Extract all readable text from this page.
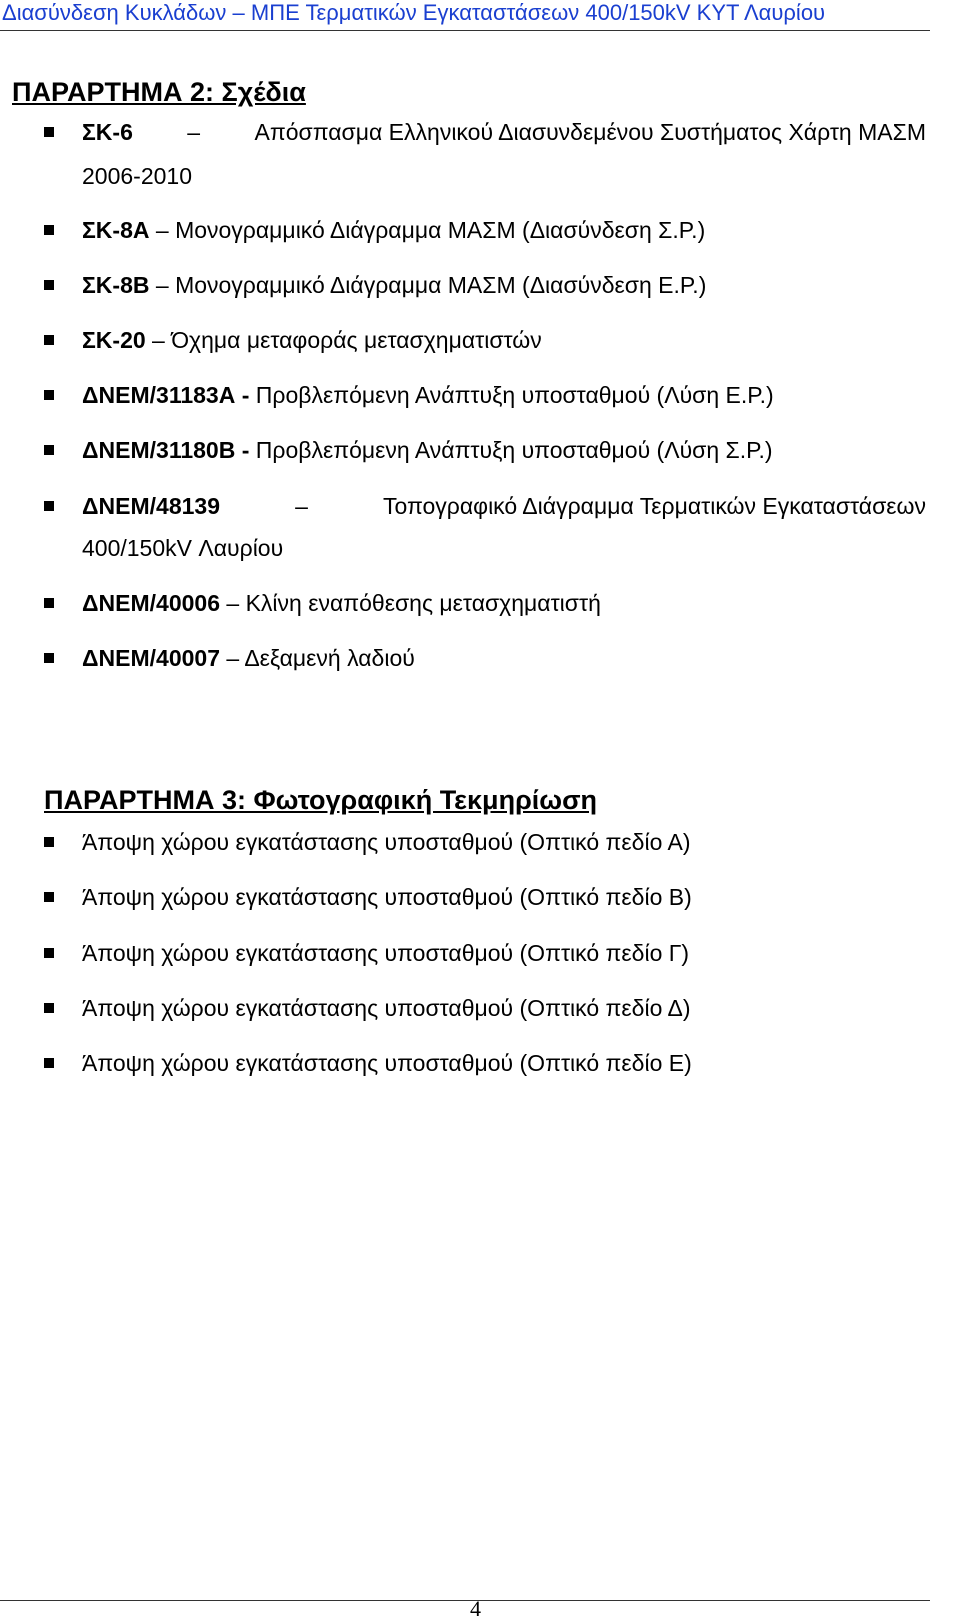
Διασύνδεση Κυκλάδων – ΜΠΕ Τερματικών Εγκαταστάσεων 400/150kV ΚΥΤ Λαυρίου
ΠΑΡΑΡΤΗΜΑ 2: Σχέδια
ΣΚ-6 – Απόσπασμα Ελληνικού Διασυνδεμένου Συστήματος Χάρτη ΜΑΣΜ
2006-2010
ΣΚ-8Α – Μονογραμμικό Διάγραμμα ΜΑΣΜ (Διασύνδεση Σ.Ρ.)
ΣΚ-8Β – Μονογραμμικό Διάγραμμα ΜΑΣΜ (Διασύνδεση Ε.Ρ.)
ΣΚ-20 – Όχημα μεταφοράς μετασχηματιστών
ΔΝΕΜ/31183Α - Προβλεπόμενη Ανάπτυξη υποσταθμού (Λύση Ε.Ρ.)
ΔΝΕΜ/31180Β - Προβλεπόμενη Ανάπτυξη υποσταθμού (Λύση Σ.Ρ.)
ΔΝΕΜ/48139	–	Τοπογραφικό Διάγραμμα Τερματικών Εγκαταστάσεων
400/150kV Λαυρίου
ΔΝΕΜ/40006 – Κλίνη εναπόθεσης μετασχηματιστή
ΔΝΕΜ/40007 – Δεξαμενή λαδιού
ΠΑΡΑΡΤΗΜΑ 3: Φωτογραφική Τεκμηρίωση
Άποψη χώρου εγκατάστασης υποσταθμού (Οπτικό πεδίο Α)
Άποψη χώρου εγκατάστασης υποσταθμού (Οπτικό πεδίο Β)
Άποψη χώρου εγκατάστασης υποσταθμού (Οπτικό πεδίο Γ)
Άποψη χώρου εγκατάστασης υποσταθμού (Οπτικό πεδίο Δ)
Άποψη χώρου εγκατάστασης υποσταθμού (Οπτικό πεδίο Ε)
4
